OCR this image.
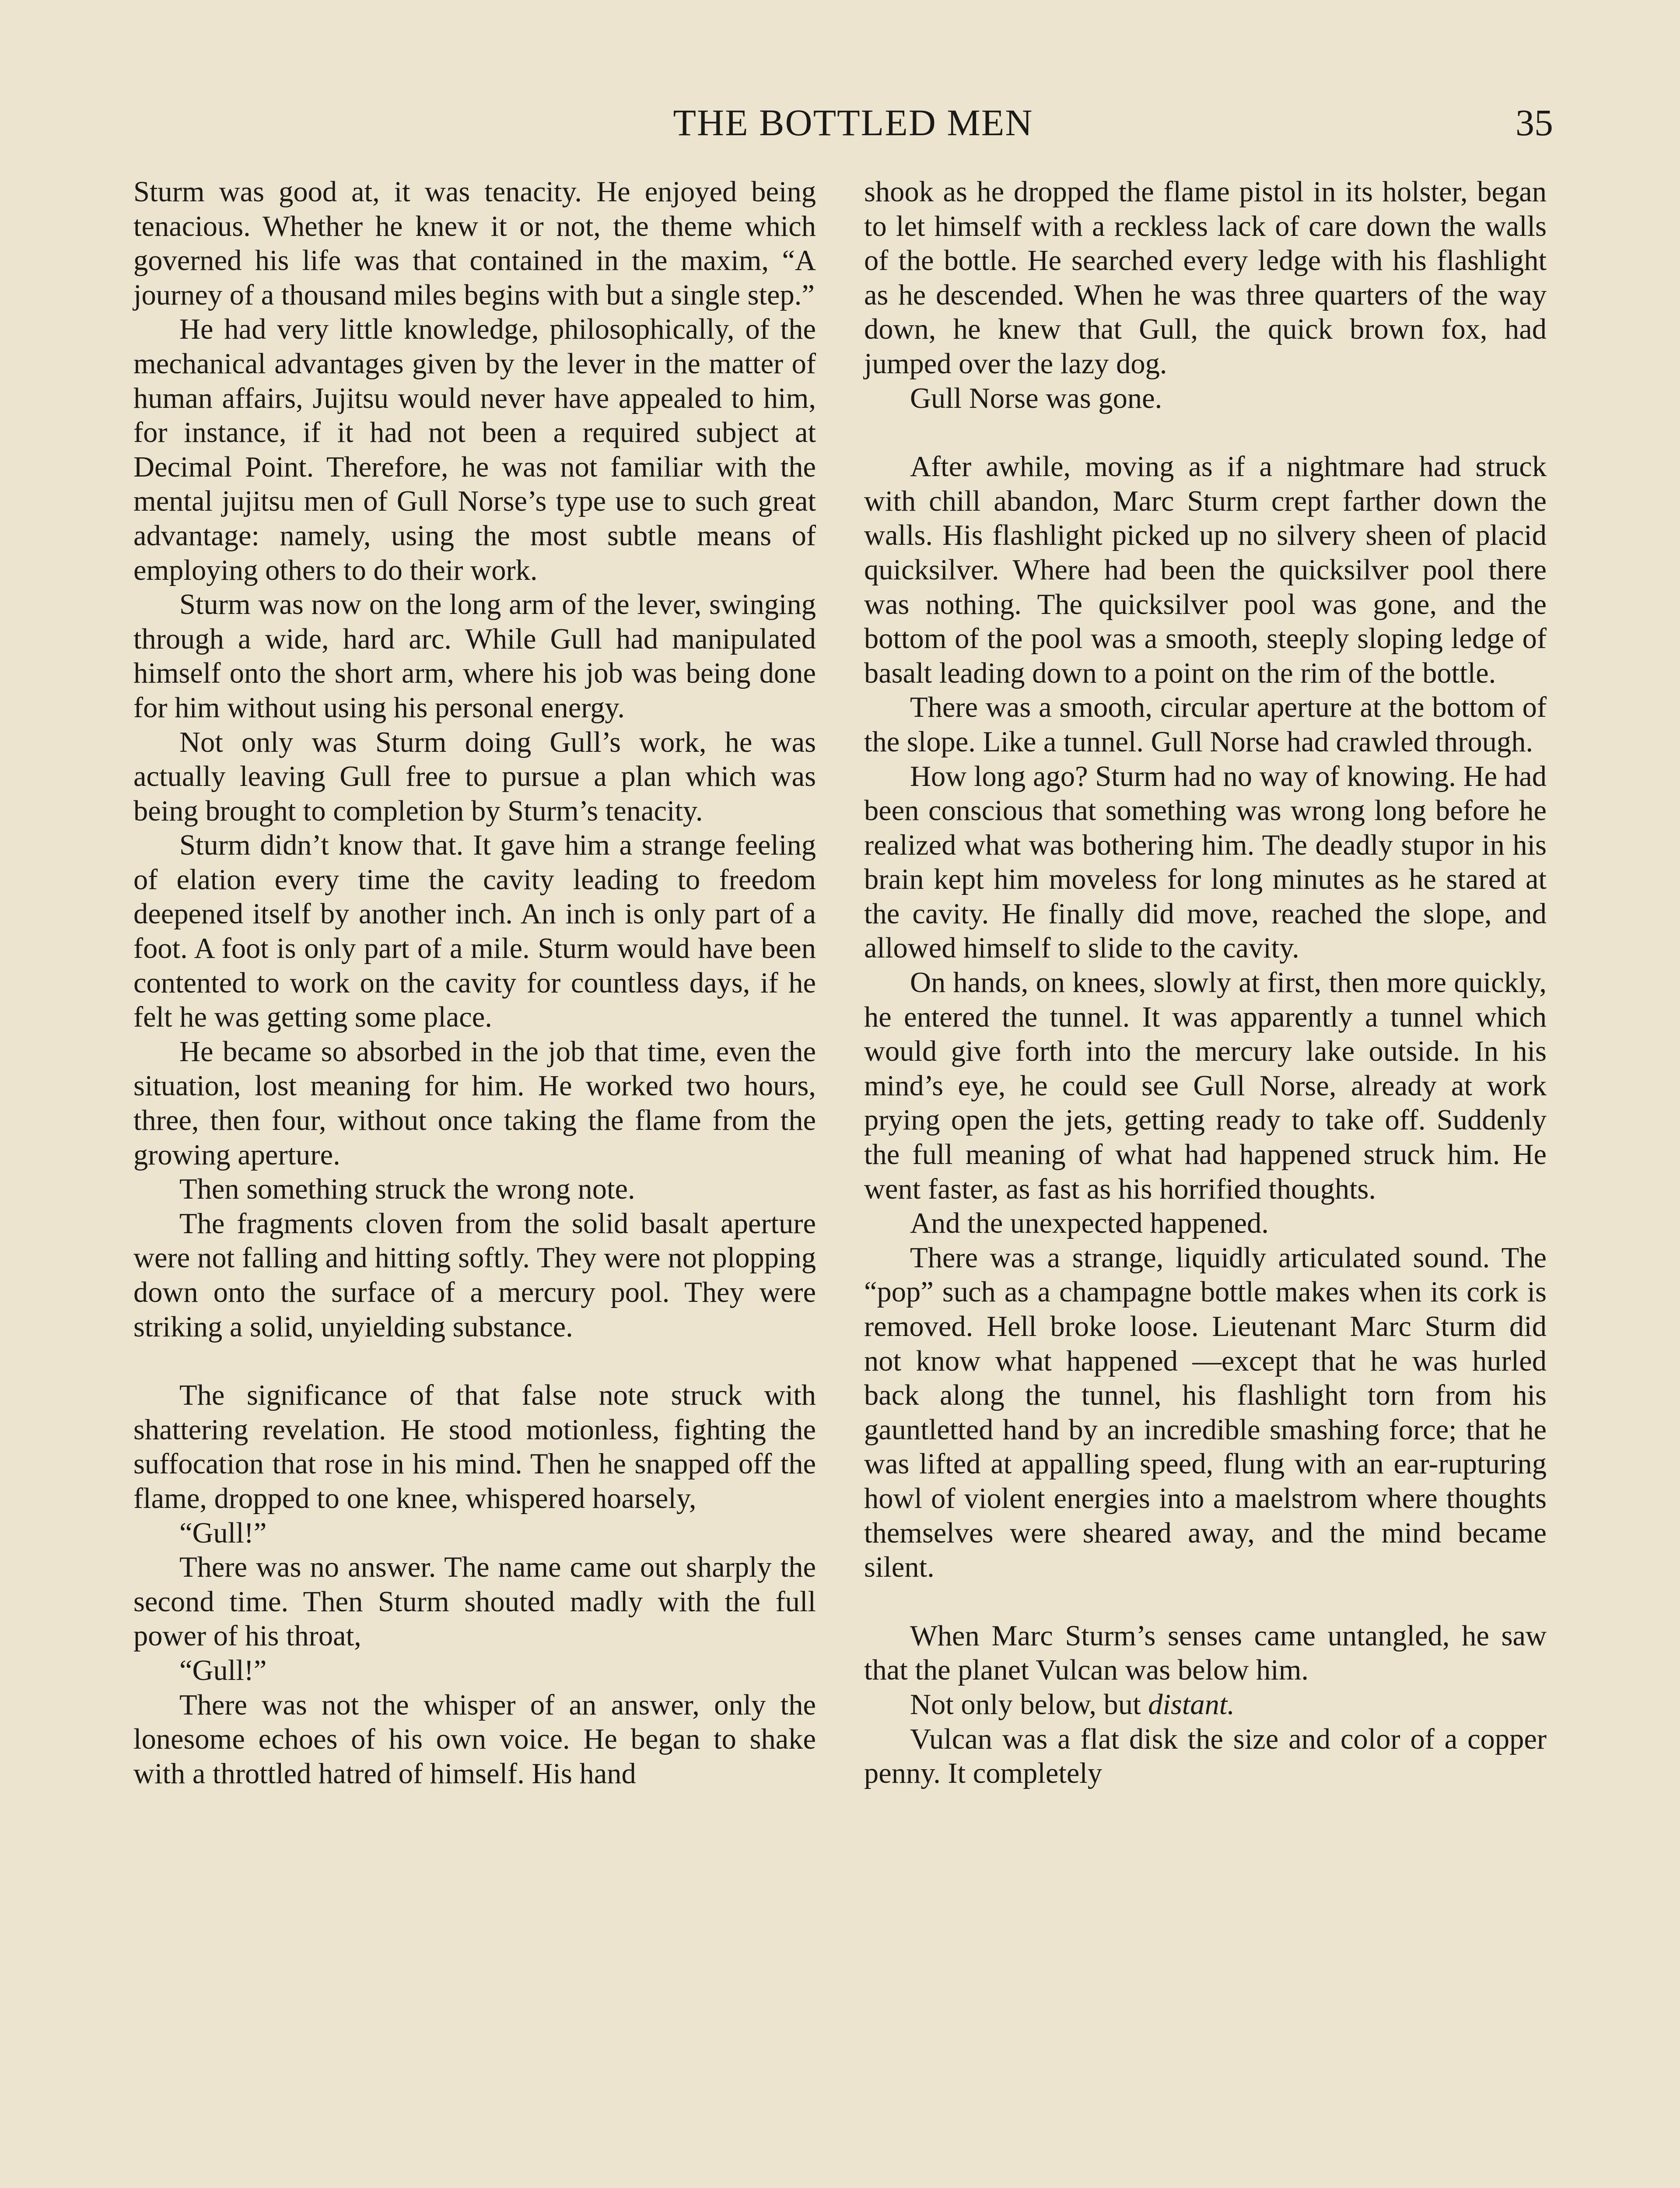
THE BOTTLED MEN	35

Sturm was good at, it was tenacity. He enjoyed being tenacious. Whether he knew it or not, the theme which governed his life was that contained in the maxim, “A journey of a thousand miles begins with but a single step.”

He had very little knowledge, philosophically, of the mechanical advantages given by the lever in the matter of human affairs, Jujitsu would never have appealed to him, for instance, if it had not been a required subject at Decimal Point. Therefore, he was not familiar with the mental jujitsu men of Gull Norse’s type use to such great advantage: namely, using the most subtle means of employing others to do their work.

Sturm was now on the long arm of the lever, swinging through a wide, hard arc. While Gull had manipulated himself onto the short arm, where his job was being done for him without using his personal energy.

Not only was Sturm doing Gull’s work, he was actually leaving Gull free to pursue a plan which was being brought to completion by Sturm’s tenacity.

Sturm didn’t know that. It gave him a strange feeling of elation every time the cavity leading to freedom deepened itself by another inch. An inch is only part of a foot. A foot is only part of a mile. Sturm would have been contented to work on the cavity for countless days, if he felt he was getting some place.

He became so absorbed in the job that time, even the situation, lost meaning for him. He worked two hours, three, then four, without once taking the flame from the growing aperture.

Then something struck the wrong note.

The fragments cloven from the solid basalt aperture were not falling and hitting softly. They were not plopping down onto the surface of a mercury pool. They were striking a solid, unyielding substance.

The significance of that false note struck with shattering revelation. He stood motionless, fighting the suffocation that rose in his mind. Then he snapped off the flame, dropped to one knee, whispered hoarsely,

“Gull!”

There was no answer. The name came out sharply the second time. Then Sturm shouted madly with the full power of his throat,

“Gull!”

There was not the whisper of an answer, only the lonesome echoes of his own voice. He began to shake with a throttled hatred of himself. His hand

shook as he dropped the flame pistol in its holster, began to let himself with a reckless lack of care down the walls of the bottle. He searched every ledge with his flashlight as he descended. When he was three quarters of the way down, he knew that Gull, the quick brown fox, had jumped over the lazy dog.

Gull Norse was gone.

After awhile, moving as if a nightmare had struck with chill abandon, Marc Sturm crept farther down the walls. His flashlight picked up no silvery sheen of placid quicksilver. Where had been the quicksilver pool there was nothing. The quicksilver pool was gone, and the bottom of the pool was a smooth, steeply sloping ledge of basalt leading down to a point on the rim of the bottle.

There was a smooth, circular aperture at the bottom of the slope. Like a tunnel. Gull Norse had crawled through.

How long ago? Sturm had no way of knowing. He had been conscious that something was wrong long before he realized what was bothering him. The deadly stupor in his brain kept him moveless for long minutes as he stared at the cavity. He finally did move, reached the slope, and allowed himself to slide to the cavity.

On hands, on knees, slowly at first, then more quickly, he entered the tunnel. It was apparently a tunnel which would give forth into the mercury lake outside. In his mind’s eye, he could see Gull Norse, already at work prying open the jets, getting ready to take off. Suddenly the full meaning of what had happened struck him. He went faster, as fast as his horrified thoughts.

And the unexpected happened.

There was a strange, liquidly articulated sound. The “pop” such as a champagne bottle makes when its cork is removed. Hell broke loose. Lieutenant Marc Sturm did not know what happened —except that he was hurled back along the tunnel, his flashlight torn from his gauntletted hand by an incredible smashing force; that he was lifted at appalling speed, flung with an ear-rupturing howl of violent energies into a maelstrom where thoughts themselves were sheared away, and the mind became silent.

When Marc Sturm’s senses came untangled, he saw that the planet Vulcan was below him.

Not only below, but distant.

Vulcan was a flat disk the size and color of a copper penny. It completely
